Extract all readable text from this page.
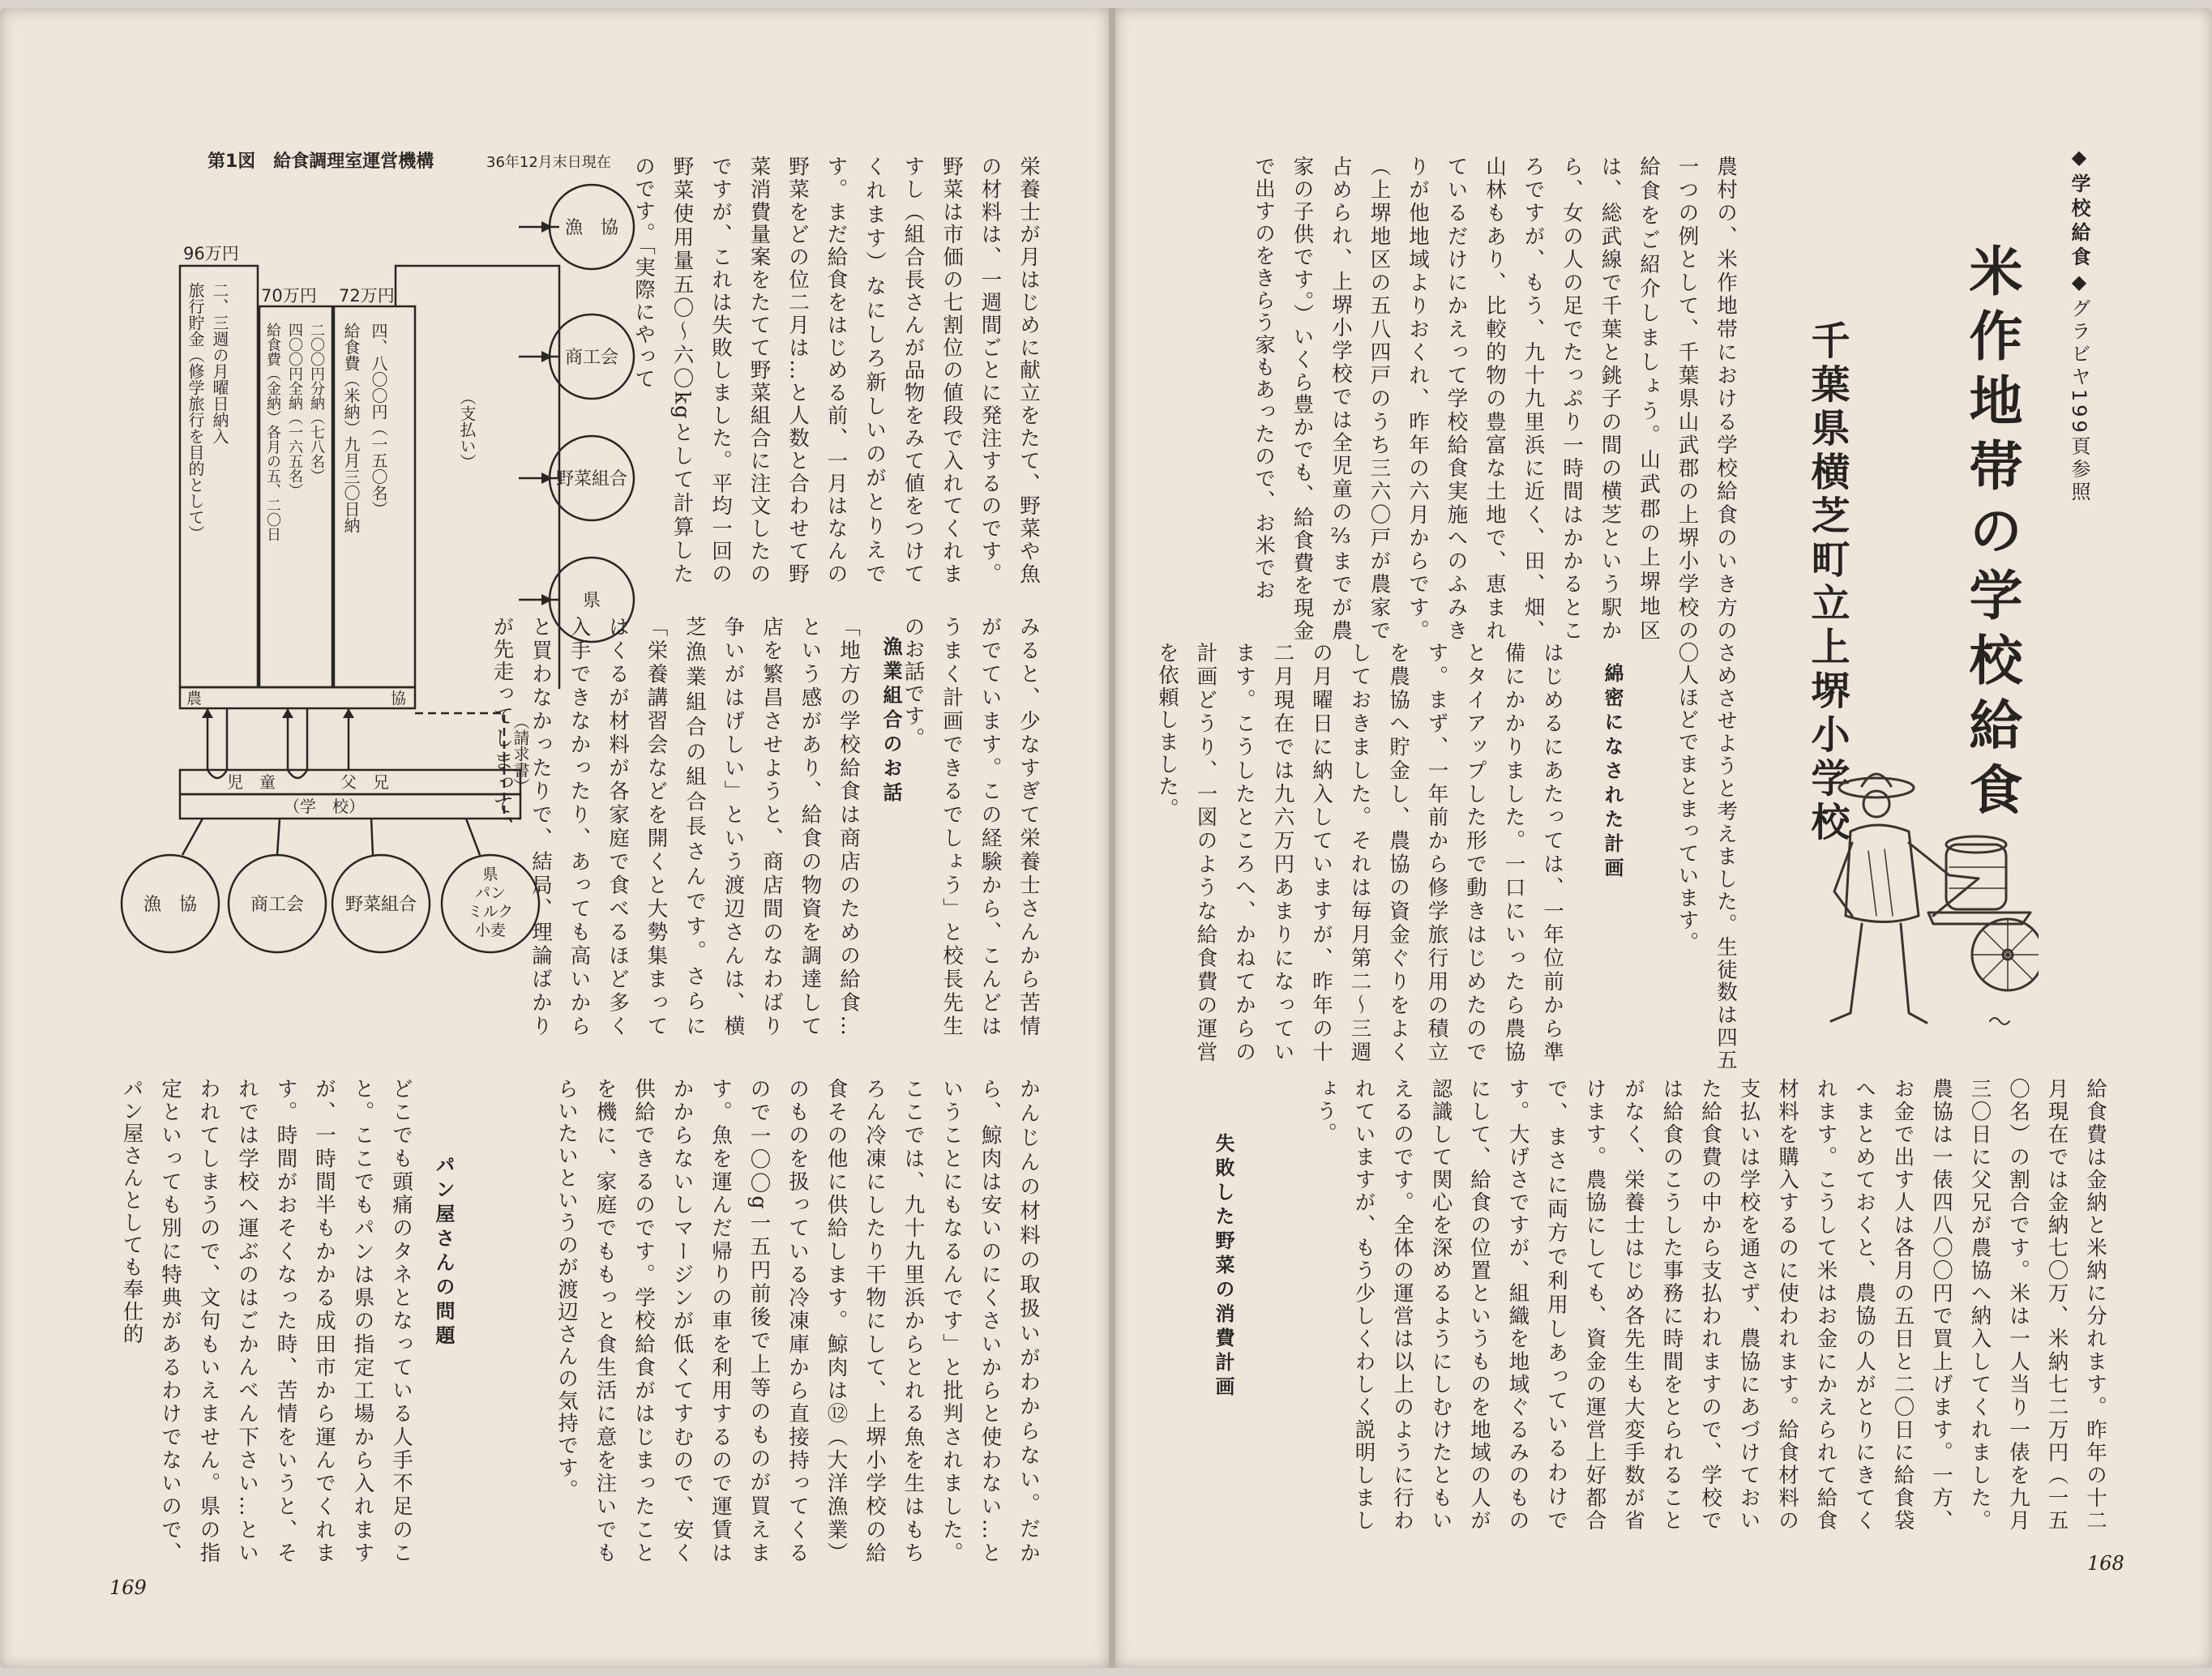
◆学校給食◆グラビヤ199頁参照
米作地帯の学校給食
千葉県横芝町立上堺小学校
農村の、米作地帯における学校給食のいき方の一つの例として、千葉県山武郡の上堺小学校の給食をご紹介しましょう。山武郡の上堺地区は、総武線で千葉と銚子の間の横芝という駅から、女の人の足でたっぷり一時間はかかるところですが、もう、九十九里浜に近く、田、畑、山林もあり、比較的物の豊富な土地で、恵まれているだけにかえって学校給食実施へのふみきりが他地域よりおくれ、昨年の六月からです。（上堺地区の五八四戸のうち三六〇戸が農家で占められ、上堺小学校では全児童の⅔までが農家の子供です。）いくら豊かでも、給食費を現金で出すのをきらう家もあったので、お米でお
さめさせようと考えました。生徒数は四五〇人ほどでまとまっています。
綿密になされた計画
はじめるにあたっては、一年位前から準備にかかりました。一口にいったら農協とタイアップした形で動きはじめたのです。まず、一年前から修学旅行用の積立を農協へ貯金し、農協の資金ぐりをよくしておきました。それは毎月第二〜三週の月曜日に納入していますが、昨年の十二月現在では九六万円あまりになっています。こうしたところへ、かねてからの計画どうり、一図のような給食費の運営を依頼しました。
給食費は金納と米納に分れます。昨年の十二月現在では金納七〇万、米納七二万円（一五〇名）の割合です。米は一人当り一俵を九月三〇日に父兄が農協へ納入してくれました。農協は一俵四八〇〇円で買上げます。一方、お金で出す人は各月の五日と二〇日に給食袋へまとめておくと、農協の人がとりにきてくれます。こうして米はお金にかえられて給食材料を購入するのに使われます。給食材料の支払いは学校を通さず、農協にあづけておいた給食費の中から支払われますので、学校では給食のこうした事務に時間をとられることがなく、栄養士はじめ各先生も大変手数が省けます。農協にしても、資金の運営上好都合で、まさに両方で利用しあっているわけです。大げさですが、組織を地域ぐるみのものにして、給食の位置というものを地域の人が認識して関心を深めるようにしむけたともいえるのです。全体の運営は以上のように行われていますが、もう少しくわしく説明しましょう。
失敗した野菜の消費計画
168
漁業組合のお話
パン屋さんの問題
栄養士が月はじめに献立をたて、野菜や魚の材料は、一週間ごとに発注するのです。野菜は市価の七割位の値段で入れてくれますし（組合長さんが品物をみて値をつけてくれます）なにしろ新しいのがとりえです。まだ給食をはじめる前、一月はなんの野菜をどの位二月は…と人数と合わせて野菜消費量案をたてて野菜組合に注文したのですが、これは失敗しました。平均一回の野菜使用量五〇〜六〇kgとして計算したのです。「実際にやって
みると、少なすぎて栄養士さんから苦情がでています。この経験から、こんどはうまく計画できるでしょう」と校長先生のお話です。
「地方の学校給食は商店のための給食…という感があり、給食の物資を調達して店を繁昌させようと、商店間のなわばり争いがはげしい」という渡辺さんは、横芝漁業組合の組合長さんです。さらに「栄養講習会などを開くと大勢集まってはくるが材料が各家庭で食べるほど多く入手できなかったり、あっても高いからと買わなかったりで、結局、理論ばかりが先走ってしまって、
かんじんの材料の取扱いがわからない。だから、鯨肉は安いのにくさいからと使わない…ということにもなるんです」と批判されました。ここでは、九十九里浜からとれる魚を生はもちろん冷凍にしたり干物にして、上堺小学校の給食その他に供給します。鯨肉は⑫（大洋漁業）のものを扱っている冷凍庫から直接持ってくるので一〇〇g一五円前後で上等のものが買えます。魚を運んだ帰りの車を利用するので運賃はかからないしマージンが低くてすむので、安く供給できるのです。学校給食がはじまったことを機に、家庭でももっと食生活に意を注いでもらいたいというのが渡辺さんの気持です。
どこでも頭痛のタネとなっている人手不足のこと。ここでもパンは県の指定工場から入れますが、一時間半もかかる成田市から運んでくれます。時間がおそくなった時、苦情をいうと、それでは学校へ運ぶのはごかんべん下さい…といわれてしまうので、文句もいえません。県の指定といっても別に特典があるわけでないので、パン屋さんとしても奉仕的
169
第1図　給食調理室運営機構	36年12月末日現在
96万円
70万円 72万円
二、三週の月曜日納入
旅行貯金（修学旅行を目的として）	二〇〇円分納（七八名）
四〇〇円全納（一六五名）
給食費（金納）各月の五、二〇日	四、八〇〇円（一五〇名）
給食費（米納）九月三〇日納
農	協
児　童	父　兄
（学　校）
（支払い）
（請求書）
漁　協
商工会
野菜組合
県
漁　協	商工会 野菜組合
県
パン
ミルク
小麦
